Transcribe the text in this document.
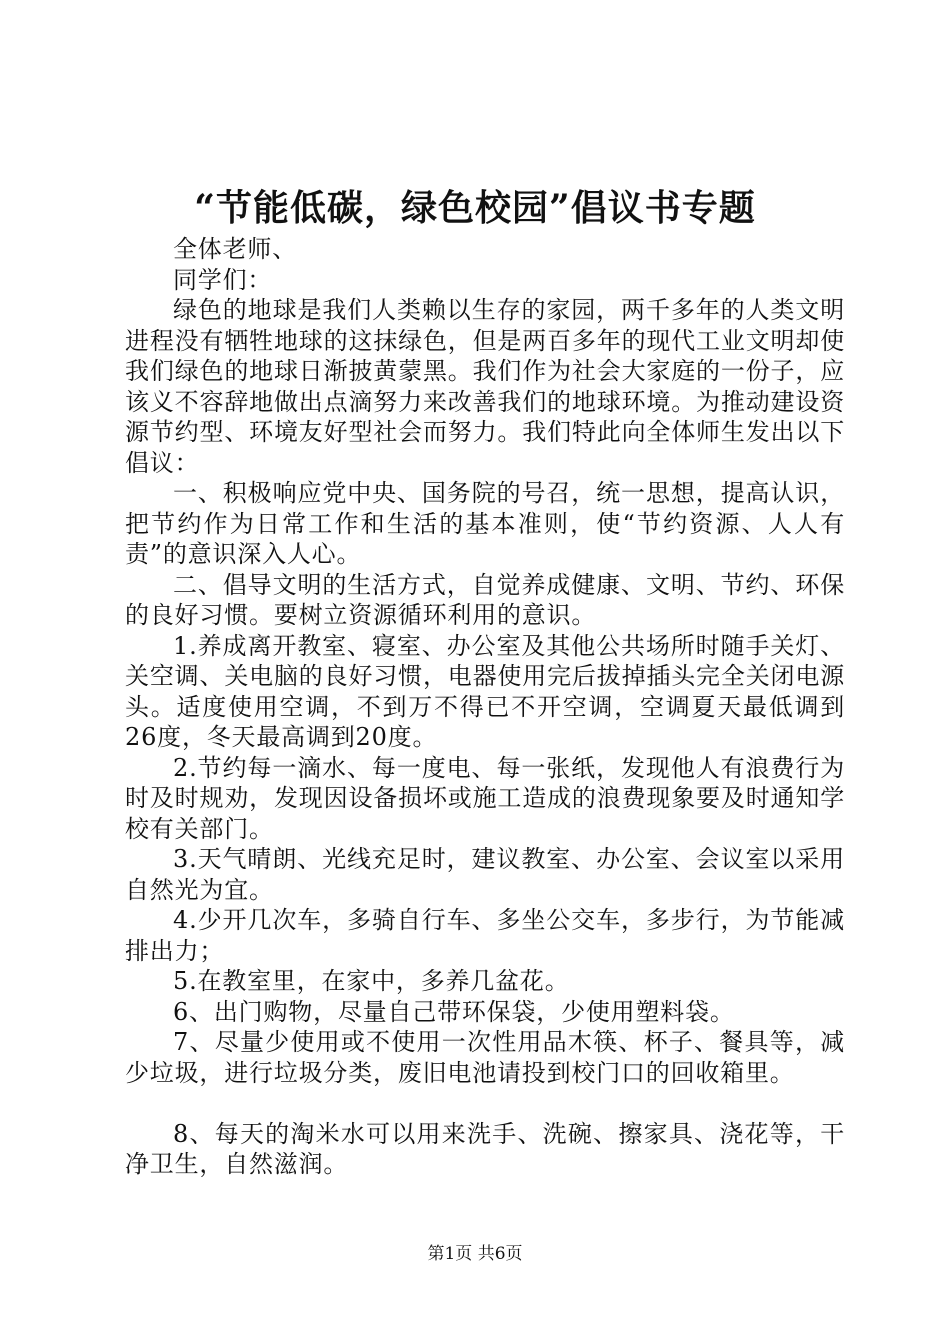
“节能低碳，绿色校园”倡议书专题

全体老师、

同学们：

绿色的地球是我们人类赖以生存的家园，两千多年的人类文明进程没有牺牲地球的这抹绿色，但是两百多年的现代工业文明却使我们绿色的地球日渐披黄蒙黑。我们作为社会大家庭的一份子，应该义不容辞地做出点滴努力来改善我们的地球环境。为推动建设资源节约型、环境友好型社会而努力。我们特此向全体师生发出以下倡议：

一、积极响应党中央、国务院的号召，统一思想，提高认识，把节约作为日常工作和生活的基本准则，使“节约资源、人人有责”的意识深入人心。

二、倡导文明的生活方式，自觉养成健康、文明、节约、环保的良好习惯。要树立资源循环利用的意识。

1.养成离开教室、寝室、办公室及其他公共场所时随手关灯、关空调、关电脑的良好习惯，电器使用完后拔掉插头完全关闭电源头。适度使用空调，不到万不得已不开空调，空调夏天最低调到26度，冬天最高调到20度。

2.节约每一滴水、每一度电、每一张纸，发现他人有浪费行为时及时规劝，发现因设备损坏或施工造成的浪费现象要及时通知学校有关部门。

3.天气晴朗、光线充足时，建议教室、办公室、会议室以采用自然光为宜。

4.少开几次车，多骑自行车、多坐公交车，多步行，为节能减排出力；

5.在教室里，在家中，多养几盆花。

6、出门购物，尽量自己带环保袋，少使用塑料袋。

7、尽量少使用或不使用一次性用品木筷、杯子、餐具等，减少垃圾，进行垃圾分类，废旧电池请投到校门口的回收箱里。

8、每天的淘米水可以用来洗手、洗碗、擦家具、浇花等，干净卫生，自然滋润。

第1页 共6页
